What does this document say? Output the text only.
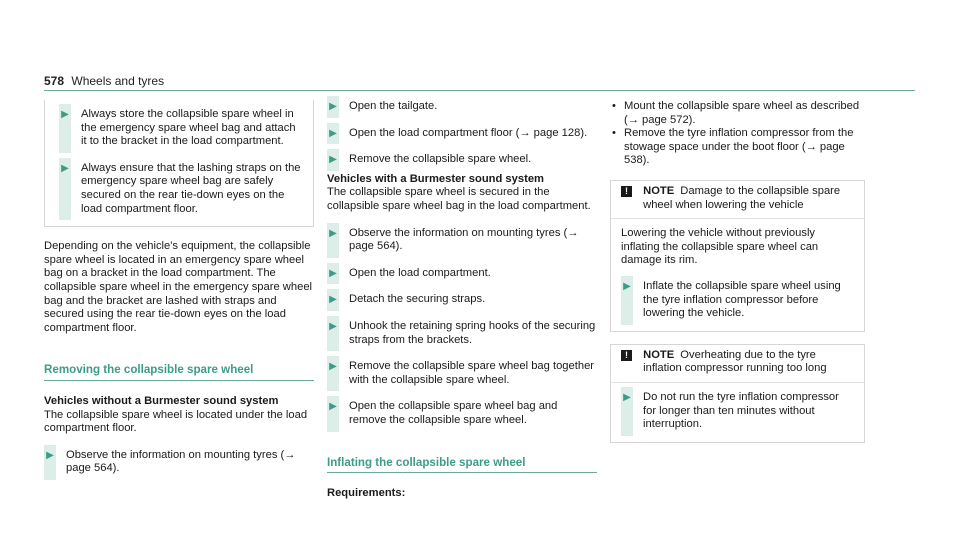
578 Wheels and tyres
▶ Always store the collapsible spare wheel in the emergency spare wheel bag and attach it to the bracket in the load compartment.
▶ Always ensure that the lashing straps on the emergency spare wheel bag are safely secured on the rear tie-down eyes on the load compartment floor.

Depending on the vehicle's equipment, the collapsible spare wheel is located in an emergency spare wheel bag on a bracket in the load compartment. The collapsible spare wheel in the emergency spare wheel bag and the bracket are lashed with straps and secured using the rear tie-down eyes on the load compartment floor.

Removing the collapsible spare wheel
Vehicles without a Burmester sound system
The collapsible spare wheel is located under the load compartment floor.
▶ Observe the information on mounting tyres (→ page 564).
▶ Open the tailgate.
▶ Open the load compartment floor (→ page 128).
▶ Remove the collapsible spare wheel.
Vehicles with a Burmester sound system
The collapsible spare wheel is secured in the collapsible spare wheel bag in the load compartment.
▶ Observe the information on mounting tyres (→ page 564).
▶ Open the load compartment.
▶ Detach the securing straps.
▶ Unhook the retaining spring hooks of the securing straps from the brackets.
▶ Remove the collapsible spare wheel bag together with the collapsible spare wheel.
▶ Open the collapsible spare wheel bag and remove the collapsible spare wheel.
Inflating the collapsible spare wheel
Requirements:
• Mount the collapsible spare wheel as described (→ page 572).
• Remove the tyre inflation compressor from the stowage space under the boot floor (→ page 538).
! NOTE Damage to the collapsible spare wheel when lowering the vehicle
Lowering the vehicle without previously inflating the collapsible spare wheel can damage its rim.
▶ Inflate the collapsible spare wheel using the tyre inflation compressor before lowering the vehicle.
! NOTE Overheating due to the tyre inflation compressor running too long
▶ Do not run the tyre inflation compressor for longer than ten minutes without interruption.
